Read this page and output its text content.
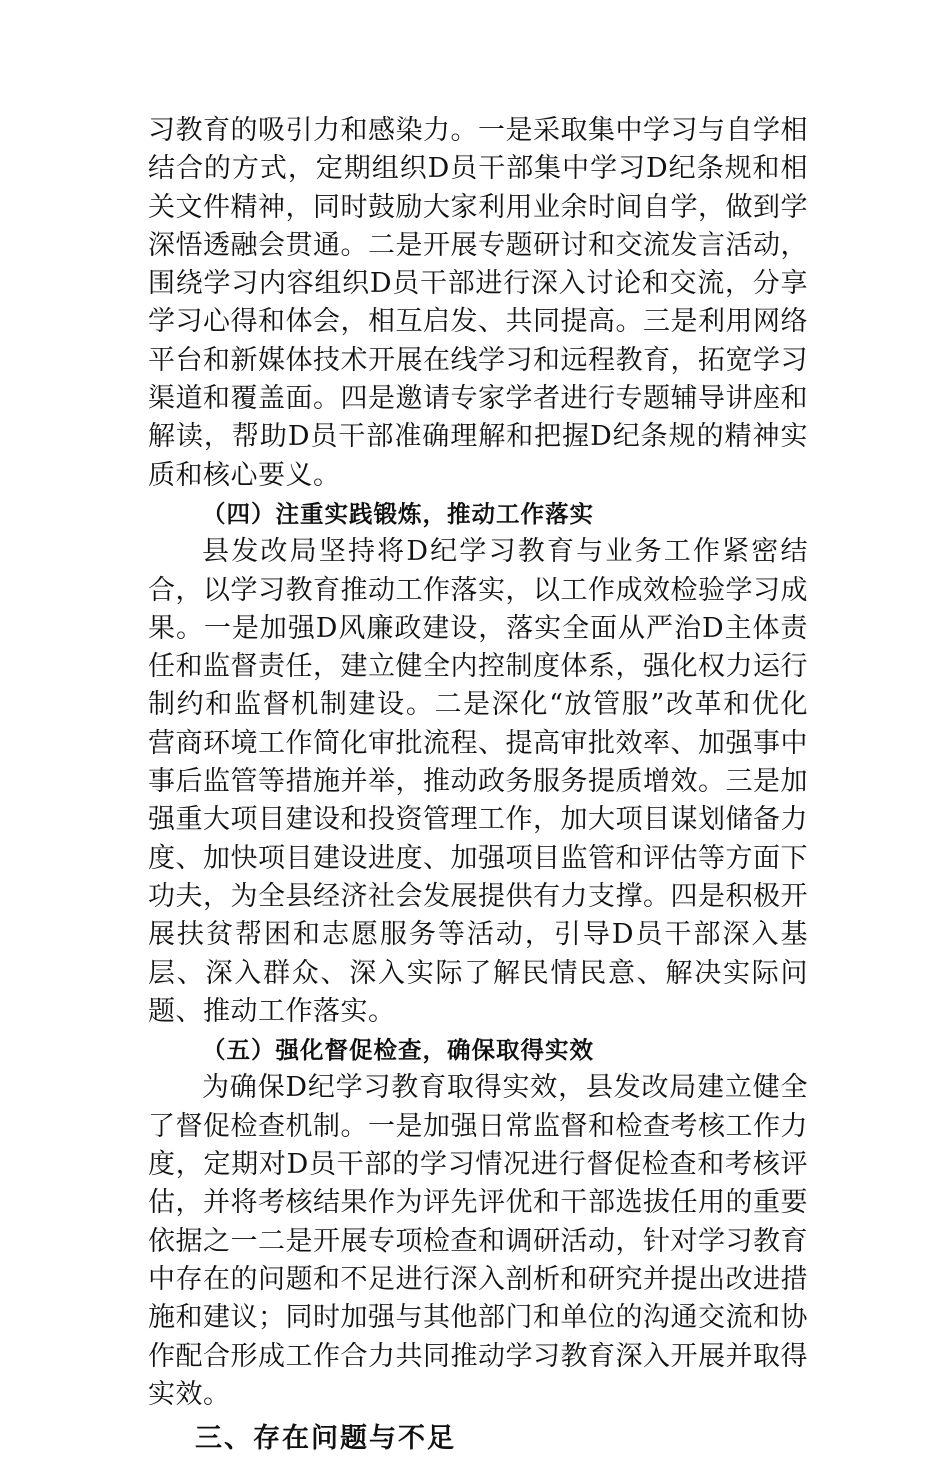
习教育的吸引力和感染力。一是采取集中学习与自学相结合的方式，定期组织D员干部集中学习D纪条规和相关文件精神，同时鼓励大家利用业余时间自学，做到学深悟透融会贯通。二是开展专题研讨和交流发言活动，围绕学习内容组织D员干部进行深入讨论和交流，分享学习心得和体会，相互启发、共同提高。三是利用网络平台和新媒体技术开展在线学习和远程教育，拓宽学习渠道和覆盖面。四是邀请专家学者进行专题辅导讲座和解读，帮助D员干部准确理解和把握D纪条规的精神实质和核心要义。

（四）注重实践锻炼，推动工作落实

县发改局坚持将D纪学习教育与业务工作紧密结合，以学习教育推动工作落实，以工作成效检验学习成果。一是加强D风廉政建设，落实全面从严治D主体责任和监督责任，建立健全内控制度体系，强化权力运行制约和监督机制建设。二是深化“放管服”改革和优化营商环境工作简化审批流程、提高审批效率、加强事中事后监管等措施并举，推动政务服务提质增效。三是加强重大项目建设和投资管理工作，加大项目谋划储备力度、加快项目建设进度、加强项目监管和评估等方面下功夫，为全县经济社会发展提供有力支撑。四是积极开展扶贫帮困和志愿服务等活动，引导D员干部深入基层、深入群众、深入实际了解民情民意、解决实际问题、推动工作落实。

（五）强化督促检查，确保取得实效

为确保D纪学习教育取得实效，县发改局建立健全了督促检查机制。一是加强日常监督和检查考核工作力度，定期对D员干部的学习情况进行督促检查和考核评估，并将考核结果作为评先评优和干部选拔任用的重要依据之一二是开展专项检查和调研活动，针对学习教育中存在的问题和不足进行深入剖析和研究并提出改进措施和建议；同时加强与其他部门和单位的沟通交流和协作配合形成工作合力共同推动学习教育深入开展并取得实效。

三、存在问题与不足
